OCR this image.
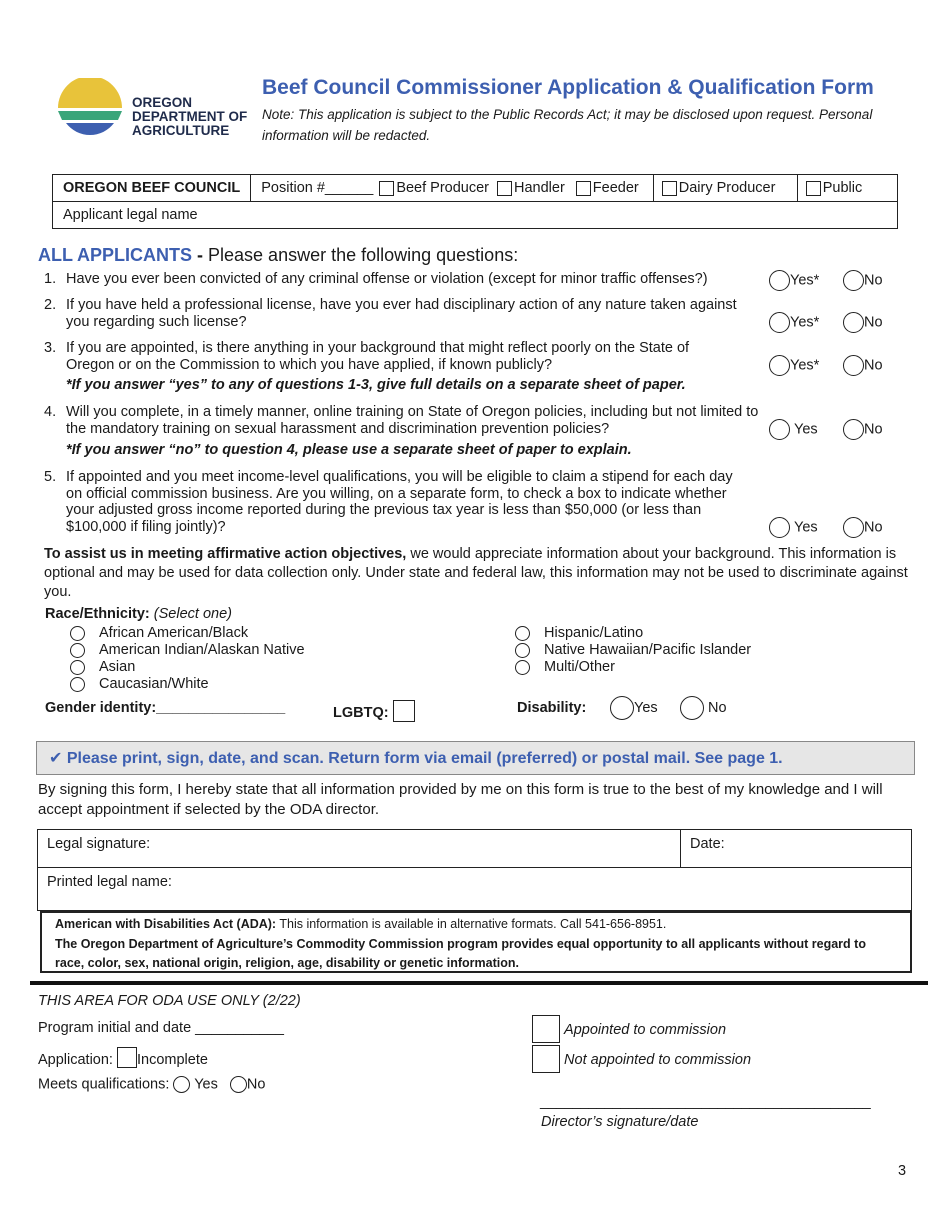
OREGON
DEPARTMENT OF
AGRICULTURE
Beef Council Commissioner Application & Qualification Form
Note: This application is subject to the Public Records Act; it may be disclosed upon request. Personal information will be redacted.
OREGON BEEF COUNCIL	Position #______ Beef Producer Handler Feeder	Dairy Producer	Public
Applicant legal name
ALL APPLICANTS - Please answer the following questions:
1. Have you ever been convicted of any criminal offense or violation (except for minor traffic offenses?)	Yes*	No
2. If you have held a professional license, have you ever had disciplinary action of any nature taken against you regarding such license?	Yes*	No
3. If you are appointed, is there anything in your background that might reflect poorly on the State of Oregon or on the Commission to which you have applied, if known publicly?	Yes*	No
*If you answer “yes” to any of questions 1-3, give full details on a separate sheet of paper.
4. Will you complete, in a timely manner, online training on State of Oregon policies, including but not limited to the mandatory training on sexual harassment and discrimination prevention policies?	Yes	No
*If you answer “no” to question 4, please use a separate sheet of paper to explain.
5. If appointed and you meet income-level qualifications, you will be eligible to claim a stipend for each day on official commission business. Are you willing, on a separate form, to check a box to indicate whether your adjusted gross income reported during the previous tax year is less than $50,000 (or less than $100,000 if filing jointly)?	Yes	No
To assist us in meeting affirmative action objectives, we would appreciate information about your background. This information is optional and may be used for data collection only. Under state and federal law, this information may not be used to discriminate against you.
Race/Ethnicity: (Select one)
African American/Black
American Indian/Alaskan Native
Asian
Caucasian/White
Hispanic/Latino
Native Hawaiian/Pacific Islander
Multi/Other
Gender identity:________________	LGBTQ:	Disability:	Yes	No
✔ Please print, sign, date, and scan. Return form via email (preferred) or postal mail. See page 1.
By signing this form, I hereby state that all information provided by me on this form is true to the best of my knowledge and I will accept appointment if selected by the ODA director.
Legal signature:	Date:
Printed legal name:
American with Disabilities Act (ADA): This information is available in alternative formats. Call 541-656-8951.
The Oregon Department of Agriculture’s Commodity Commission program provides equal opportunity to all applicants without regard to race, color, sex, national origin, religion, age, disability or genetic information.
THIS AREA FOR ODA USE ONLY (2/22)
Program initial and date ___________
Application: Incomplete
Meets qualifications: Yes No
Appointed to commission
Not appointed to commission
_________________________________________
Director’s signature/date
3
